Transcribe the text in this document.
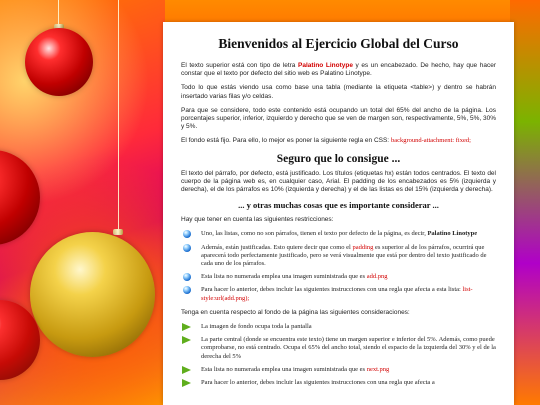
Bienvenidos al Ejercicio Global del Curso

El texto superior está con tipo de letra Palatino Linotype y es un encabezado. De hecho, hay que hacer constar que el texto por defecto del sitio web es Palatino Linotype.

Todo lo que estás viendo usa como base una tabla (mediante la etiqueta <table>) y dentro se habrán insertado varias filas y/o celdas.

Para que se considere, todo este contenido está ocupando un total del 65% del ancho de la página. Los porcentajes superior, inferior, izquierdo y derecho que se ven de margen son, respectivamente, 5%, 5%, 30% y 5%.

El fondo está fijo. Para ello, lo mejor es poner la siguiente regla en CSS: background-attachment: fixed;

Seguro que lo consigue ...

El texto del párrafo, por defecto, está justificado. Los títulos (etiquetas hx) están todos centrados. El texto del cuerpo de la página web es, en cualquier caso, Arial. El padding de los encabezados es 5% (izquierda y derecha), el de los párrafos es 10% (izquierda y derecha) y el de las listas es del 15% (izquierda y derecha).

... y otras muchas cosas que es importante considerar ...

Hay que tener en cuenta las siguientes restricciones:

Uno, las listas, como no son párrafos, tienen el texto por defecto de la página, es decir, Palatino Linotype
Además, están justificadas. Esto quiere decir que como el padding es superior al de los párrafos, ocurrirá que aparecerá todo perfectamente justificado, pero se verá visualmente que está por dentro del texto justificado de cada uno de los párrafos.
Esta lista no numerada emplea una imagen suministrada que es add.png
Para hacer lo anterior, debes incluir las siguientes instrucciones con una regla que afecta a esta lista: list-style:url(add.png);

Tenga en cuenta respecto al fondo de la página las siguientes consideraciones:

La imagen de fondo ocupa toda la pantalla
La parte central (donde se encuentra este texto) tiene un margen superior e inferior del 5%. Además, como puede comprobarse, no está centrado. Ocupa el 65% del ancho total, siendo el espacio de la izquierda del 30% y el de la derecha del 5%
Esta lista no numerada emplea una imagen suministrada que es next.png
Para hacer lo anterior, debes incluir las siguientes instrucciones con una regla que afecta a
